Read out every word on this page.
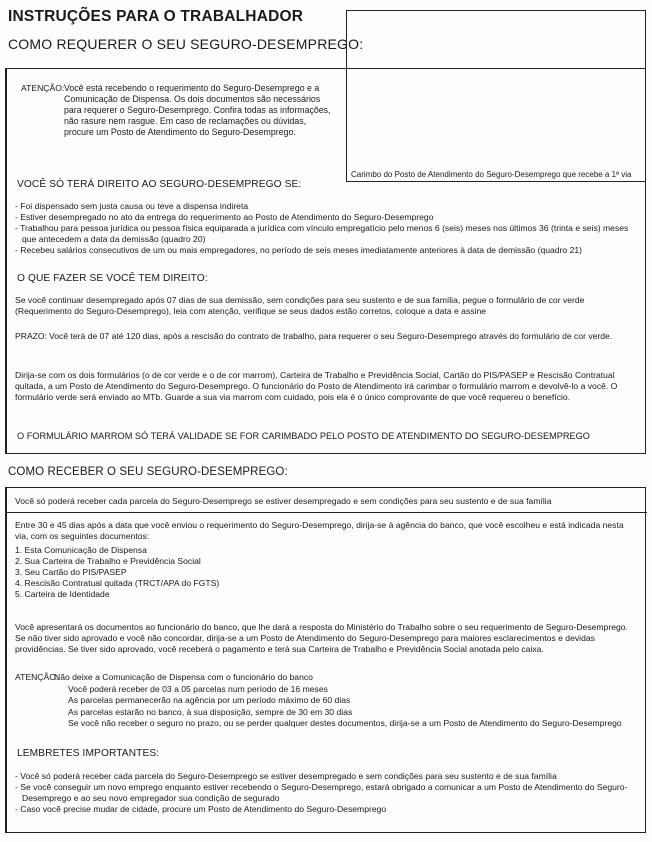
INSTRUÇÕES PARA O TRABALHADOR
COMO REQUERER O SEU SEGURO-DESEMPREGO:

ATENÇÃO: Você está recebendo o requerimento do Seguro-Desemprego e a Comunicação de Dispensa. Os dois documentos são necessários para requerer o Seguro-Desemprego. Confira todas as informações, não rasure nem rasgue. Em caso de reclamações ou dúvidas, procure um Posto de Atendimento do Seguro-Desemprego.

VOCÊ SÓ TERÁ DIREITO AO SEGURO-DESEMPREGO SE:

- Foi dispensado sem justa causa ou teve a dispensa indireta
- Estiver desempregado no ato da entrega do requerimento ao Posto de Atendimento do Seguro-Desemprego
- Trabalhou para pessoa jurídica ou pessoa física equiparada a jurídica com vínculo empregatício pelo menos 6 (seis) meses nos últimos 36 (trinta e seis) meses que antecedem a data da demissão (quadro 20)
- Recebeu salários consecutivos de um ou mais empregadores, no período de seis meses imediatamente anteriores à data de demissão (quadro 21)

O QUE FAZER SE VOCÊ TEM DIREITO:

Se você continuar desempregado após 07 dias de sua demissão, sem condições para seu sustento e de sua família, pegue o formulário de cor verde (Requerimento do Seguro-Desemprego), leia com atenção, verifique se seus dados estão corretos, coloque a data e assine

PRAZO: Você terá de 07 até 120 dias, após a rescisão do contrato de trabalho, para requerer o seu Seguro-Desemprego através do formulário de cor verde.

Dirija-se com os dois formulários (o de cor verde e o de cor marrom), Carteira de Trabalho e Previdência Social, Cartão do PIS/PASEP e Rescisão Contratual quitada, a um Posto de Atendimento do Seguro-Desemprego. O funcionário do Posto de Atendimento irá carimbar o formulário marrom e devolvê-lo a você. O formulário verde será enviado ao MTb. Guarde a sua via marrom com cuidado, pois ela é o único comprovante de que você requereu o benefício.

O FORMULÁRIO MARROM SÓ TERÁ VALIDADE SE FOR CARIMBADO PELO POSTO DE ATENDIMENTO DO SEGURO-DESEMPREGO

Carimbo do Posto de Atendimento do Seguro-Desemprego que recebe a 1ª via
COMO RECEBER O SEU SEGURO-DESEMPREGO:

Você só poderá receber cada parcela do Seguro-Desemprego se estiver desempregado e sem condições para seu sustento e de sua família

Entre 30 e 45 dias após a data que você enviou o requerimento do Seguro-Desemprego, dirija-se à agência do banco, que você escolheu e está indicada nesta via, com os seguintes documentos:

1. Esta Comunicação de Dispensa
2. Sua Carteira de Trabalho e Previdência Social
3. Seu Cartão do PIS/PASEP
4. Rescisão Contratual quitada (TRCT/APA do FGTS)
5. Carteira de Identidade

Você apresentará os documentos ao funcionário do banco, que lhe dará a resposta do Ministério do Trabalho sobre o seu requerimento de Seguro-Desemprego. Se não tiver sido aprovado e você não concordar, dirija-se a um Posto de Atendimento do Seguro-Desemprego para maiores esclarecimentos e devidas providências. Se tiver sido aprovado, você receberá o pagamento e terá sua Carteira de Trabalho e Previdência Social anotada pelo caixa.

ATENÇÃO:

Não deixe a Comunicação de Dispensa com o funcionário do banco
Você poderá receber de 03 a 05 parcelas num período de 16 meses
As parcelas permanecerão na agência por um período máximo de 60 dias
As parcelas estarão no banco, à sua disposição, sempre de 30 em 30 dias
Se você não receber o seguro no prazo, ou se perder qualquer destes documentos, dirija-se a um Posto de Atendimento do Seguro-Desemprego

LEMBRETES IMPORTANTES:

- Você só poderá receber cada parcela do Seguro-Desemprego se estiver desempregado e sem condições para seu sustento e de sua família
- Se você conseguir um novo emprego enquanto estiver recebendo o Seguro-Desemprego, estará obrigado a comunicar a um Posto de Atendimento do Seguro-Desemprego e ao seu novo empregador sua condição de segurado
- Caso você precise mudar de cidade, procure um Posto de Atendimento do Seguro-Desemprego
